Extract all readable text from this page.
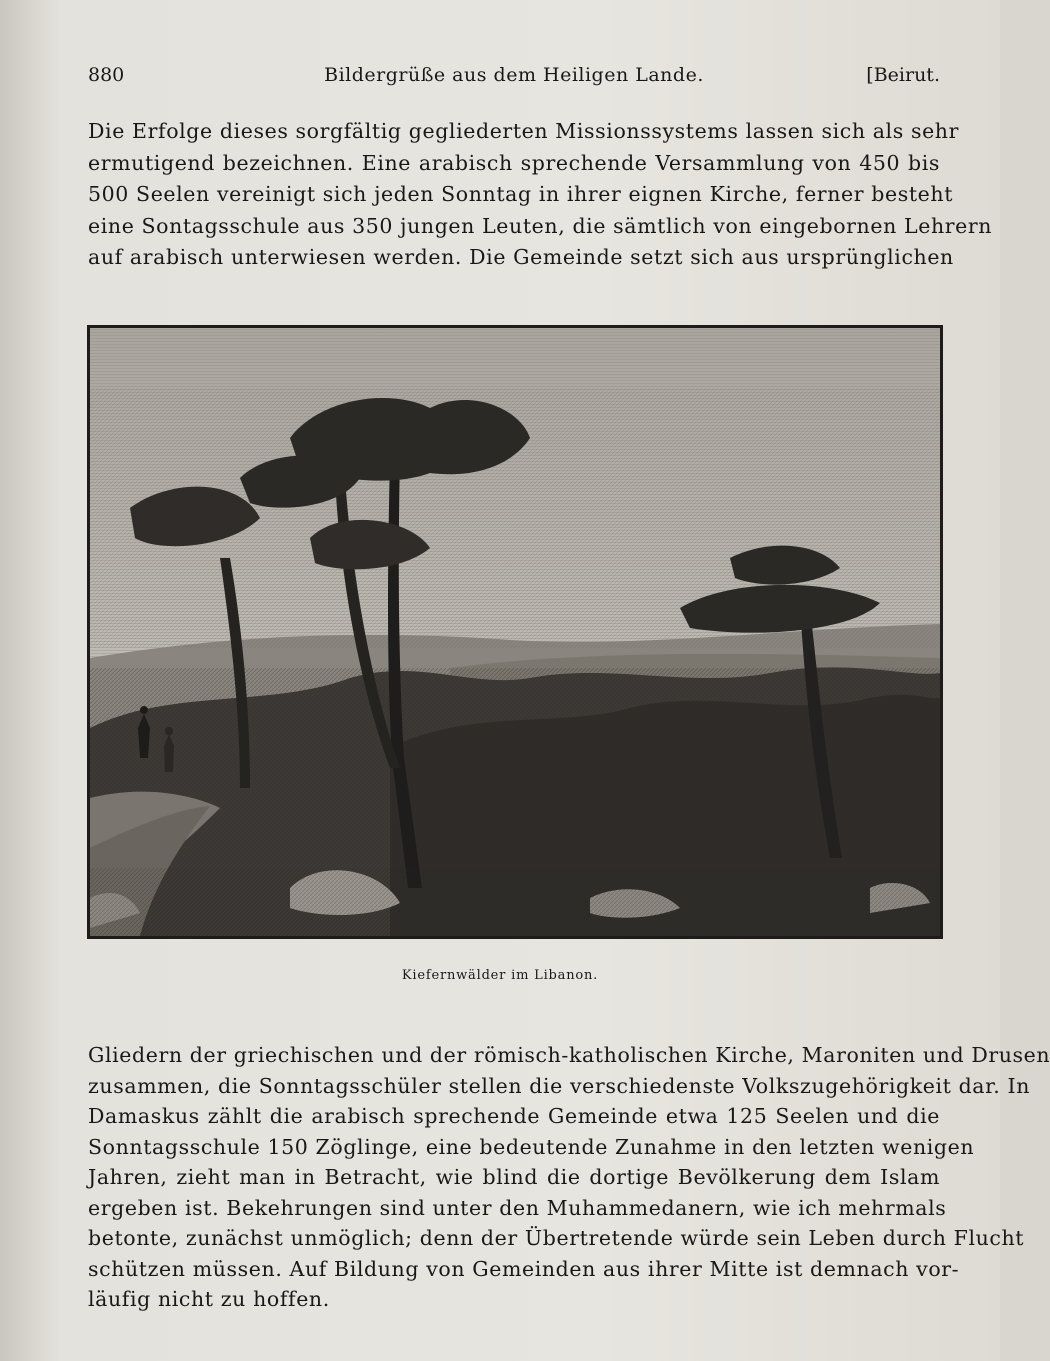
880	Bildergrüße aus dem Heiligen Lande.	[Beirut.
Die Erfolge dieses sorgfältig gegliederten Missionssystems lassen sich als sehr
ermutigend bezeichnen. Eine arabisch sprechende Versammlung von 450 bis
500 Seelen vereinigt sich jeden Sonntag in ihrer eignen Kirche, ferner besteht
eine Sontagsschule aus 350 jungen Leuten, die sämtlich von eingebornen Lehrern
auf arabisch unterwiesen werden. Die Gemeinde setzt sich aus ursprünglichen
Kiefernwälder im Libanon.
Gliedern der griechischen und der römisch-katholischen Kirche, Maroniten und Drusen
zusammen, die Sonntagsschüler stellen die verschiedenste Volkszugehörigkeit dar. In
Damaskus zählt die arabisch sprechende Gemeinde etwa 125 Seelen und die
Sonntagsschule 150 Zöglinge, eine bedeutende Zunahme in den letzten wenigen
Jahren, zieht man in Betracht, wie blind die dortige Bevölkerung dem Islam
ergeben ist. Bekehrungen sind unter den Muhammedanern, wie ich mehrmals
betonte, zunächst unmöglich; denn der Übertretende würde sein Leben durch Flucht
schützen müssen. Auf Bildung von Gemeinden aus ihrer Mitte ist demnach vor-
läufig nicht zu hoffen.
